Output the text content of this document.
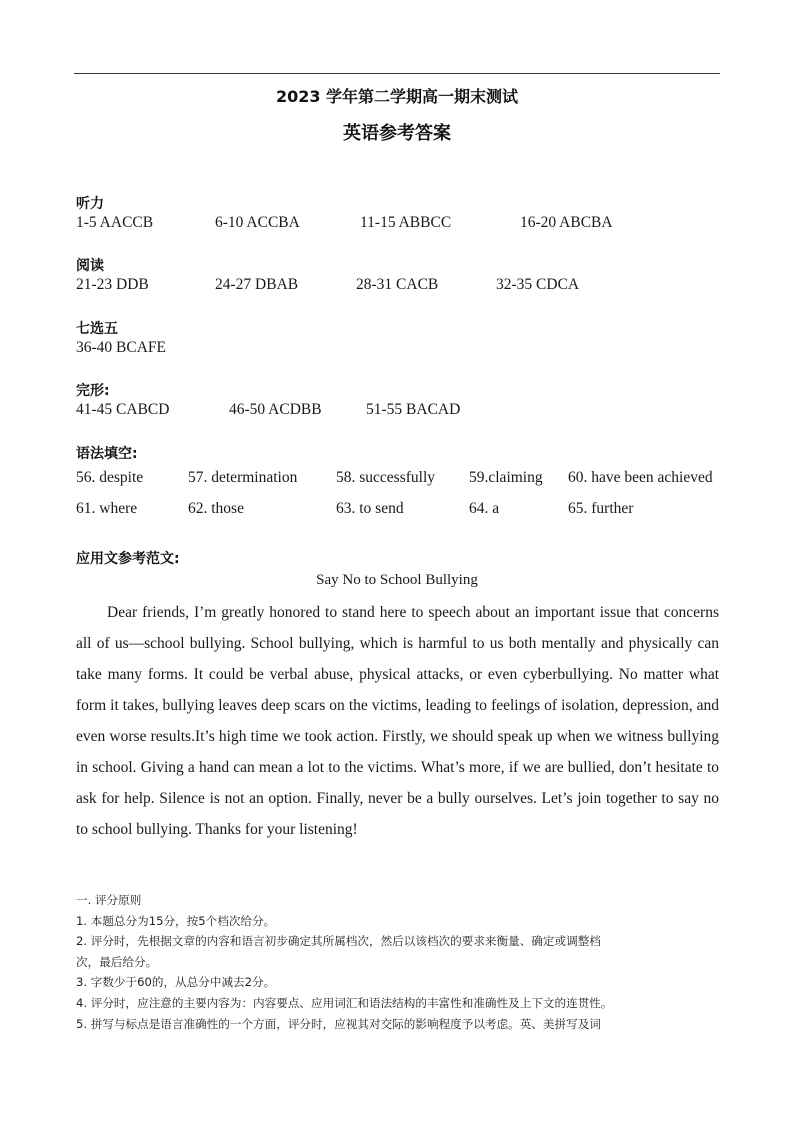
2023 学年第二学期高一期末测试
英语参考答案
听力
1-5 AACCB	6-10 ACCBA	11-15 ABBCC	16-20 ABCBA
阅读
21-23 DDB	24-27 DBAB	28-31 CACB	32-35 CDCA
七选五
36-40 BCAFE
完形:
41-45 CABCD	46-50 ACDBB	51-55 BACAD
语法填空:
56. despite	57. determination 58. successfully 59.claiming 60. have been achieved
61. where	62. those	63. to send	64. a	65. further
应用文参考范文:
Say No to School Bullying

Dear friends, I’m greatly honored to stand here to speech about an important issue that concerns all of us—school bullying. School bullying, which is harmful to us both mentally and physically can take many forms. It could be verbal abuse, physical attacks, or even cyberbullying. No matter what form it takes, bullying leaves deep scars on the victims, leading to feelings of isolation, depression, and even worse results.It’s high time we took action. Firstly, we should speak up when we witness bullying in school. Giving a hand can mean a lot to the victims. What’s more, if we are bullied, don’t hesitate to ask for help. Silence is not an option. Finally, never be a bully ourselves. Let’s join together to say no to school bullying. Thanks for your listening!

一. 评分原则
1. 本题总分为15分，按5个档次给分。
2. 评分时，先根据文章的内容和语言初步确定其所属档次，然后以该档次的要求来衡量、确定或调整档
次，最后给分。
3. 字数少于60的，从总分中减去2分。
4. 评分时，应注意的主要内容为：内容要点、应用词汇和语法结构的丰富性和准确性及上下文的连贯性。
5. 拼写与标点是语言准确性的一个方面，评分时，应视其对交际的影响程度予以考虑。英、美拼写及词
